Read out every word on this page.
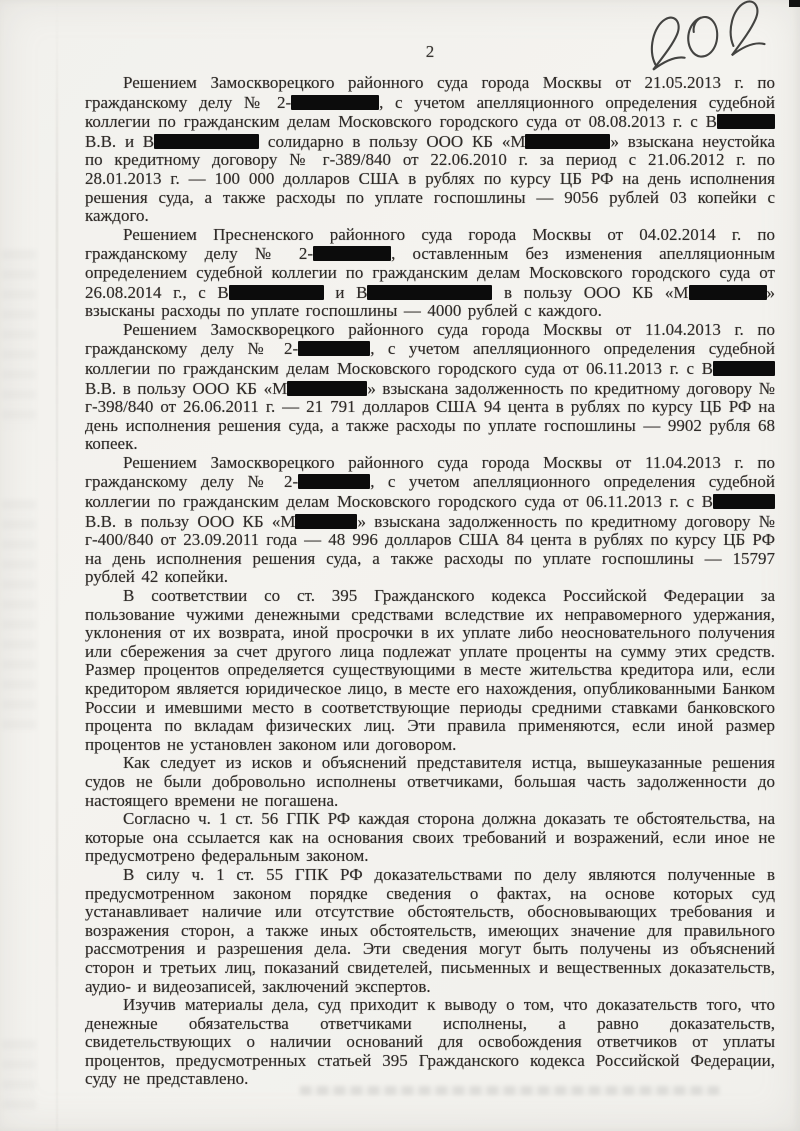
2

Решением Замоскворецкого районного суда города Москвы от 21.05.2013 г. по гражданскому делу № 2-	, с учетом апелляционного определения судебной коллегии по гражданским делам Московского городского суда от 08.08.2013 г. с В В.В. и В	солидарно в пользу ООО КБ «М	» взыскана неустойка по кредитному договору № г-389/840 от 22.06.2010 г. за период с 21.06.2012 г. по 28.01.2013 г. — 100 000 долларов США в рублях по курсу ЦБ РФ на день исполнения решения суда, а также расходы по уплате госпошлины — 9056 рублей 03 копейки с каждого.

Решением Пресненского районного суда города Москвы от 04.02.2014 г. по гражданскому делу № 2-	, оставленным без изменения апелляционным определением судебной коллегии по гражданским делам Московского городского суда от 26.08.2014 г., с В	и В	в пользу ООО КБ «М	» взысканы расходы по уплате госпошлины — 4000 рублей с каждого.

Решением Замоскворецкого районного суда города Москвы от 11.04.2013 г. по гражданскому делу № 2-	, с учетом апелляционного определения судебной коллегии по гражданским делам Московского городского суда от 06.11.2013 г. с В В.В. в пользу ООО КБ «М	» взыскана задолженность по кредитному договору № г-398/840 от 26.06.2011 г. — 21 791 долларов США 94 цента в рублях по курсу ЦБ РФ на день исполнения решения суда, а также расходы по уплате госпошлины — 9902 рубля 68 копеек.

Решением Замоскворецкого районного суда города Москвы от 11.04.2013 г. по гражданскому делу № 2-	, с учетом апелляционного определения судебной коллегии по гражданским делам Московского городского суда от 06.11.2013 г. с В В.В. в пользу ООО КБ «М	» взыскана задолженность по кредитному договору № г-400/840 от 23.09.2011 года — 48 996 долларов США 84 цента в рублях по курсу ЦБ РФ на день исполнения решения суда, а также расходы по уплате госпошлины — 15797 рублей 42 копейки.

В соответствии со ст. 395 Гражданского кодекса Российской Федерации за пользование чужими денежными средствами вследствие их неправомерного удержания, уклонения от их возврата, иной просрочки в их уплате либо неосновательного получения или сбережения за счет другого лица подлежат уплате проценты на сумму этих средств. Размер процентов определяется существующими в месте жительства кредитора или, если кредитором является юридическое лицо, в месте его нахождения, опубликованными Банком России и имевшими место в соответствующие периоды средними ставками банковского процента по вкладам физических лиц. Эти правила применяются, если иной размер процентов не установлен законом или договором.

Как следует из исков и объяснений представителя истца, вышеуказанные решения судов не были добровольно исполнены ответчиками, большая часть задолженности до настоящего времени не погашена.

Согласно ч. 1 ст. 56 ГПК РФ каждая сторона должна доказать те обстоятельства, на которые она ссылается как на основания своих требований и возражений, если иное не предусмотрено федеральным законом.

В силу ч. 1 ст. 55 ГПК РФ доказательствами по делу являются полученные в предусмотренном законом порядке сведения о фактах, на основе которых суд устанавливает наличие или отсутствие обстоятельств, обосновывающих требования и возражения сторон, а также иных обстоятельств, имеющих значение для правильного рассмотрения и разрешения дела. Эти сведения могут быть получены из объяснений сторон и третьих лиц, показаний свидетелей, письменных и вещественных доказательств, аудио- и видеозаписей, заключений экспертов.

Изучив материалы дела, суд приходит к выводу о том, что доказательств того, что денежные обязательства ответчиками исполнены, а равно доказательств, свидетельствующих о наличии оснований для освобождения ответчиков от уплаты процентов, предусмотренных статьей 395 Гражданского кодекса Российской Федерации, суду не представлено.
